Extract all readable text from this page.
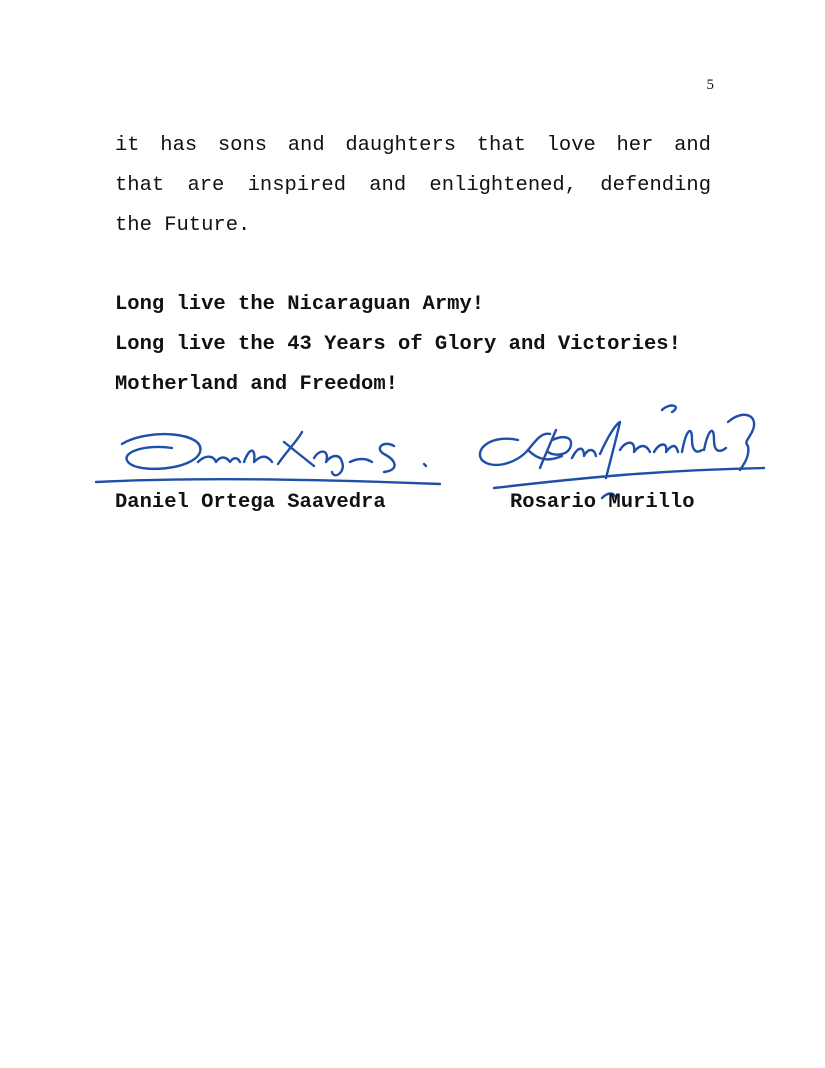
5
it has sons and daughters that love her and
that are inspired and enlightened, defending
the Future.
Long live the Nicaraguan Army!
Long live the 43 Years of Glory and Victories!
Motherland and Freedom!
Daniel Ortega Saavedra	Rosario Murillo
